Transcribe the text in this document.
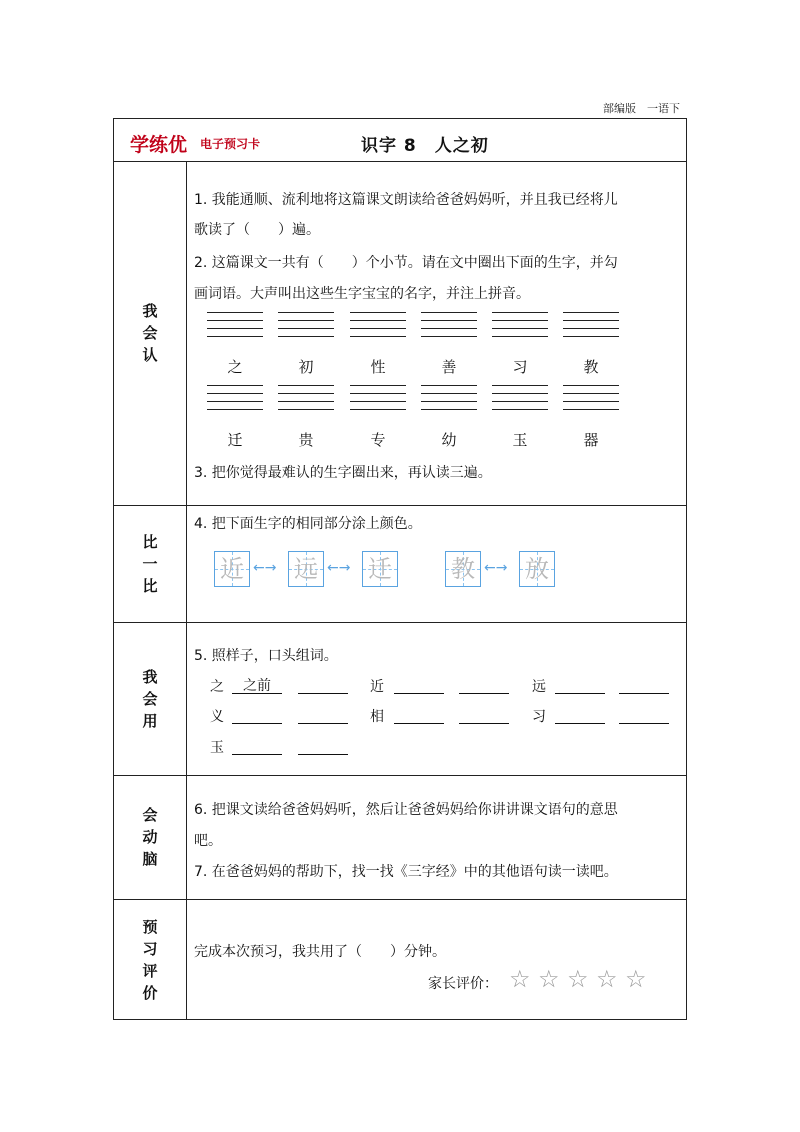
部编版　一语下
学练优 电子预习卡	识字 8　人之初
我
会
认
1. 我能通顺、流利地将这篇课文朗读给爸爸妈妈听，并且我已经将儿
歌读了（　　）遍。
2. 这篇课文一共有（　　）个小节。请在文中圈出下面的生字，并勾
画词语。大声叫出这些生字宝宝的名字，并注上拼音。
之	初	性	善	习	教
迁	贵	专	幼	玉	器
3. 把你觉得最难认的生字圈出来，再认读三遍。
比
一
比
4. 把下面生字的相同部分涂上颜色。
近 ←→ 远 ←→ 迁 教 ←→ 放
我
会
用
5. 照样子，口头组词。
之	之前	近	远
义	相	习
玉
会
动
脑
6. 把课文读给爸爸妈妈听，然后让爸爸妈妈给你讲讲课文语句的意思
吧。
7. 在爸爸妈妈的帮助下，找一找《三字经》中的其他语句读一读吧。
预
习
评
价
完成本次预习，我共用了（　　）分钟。
家长评价： ☆ ☆ ☆ ☆ ☆
